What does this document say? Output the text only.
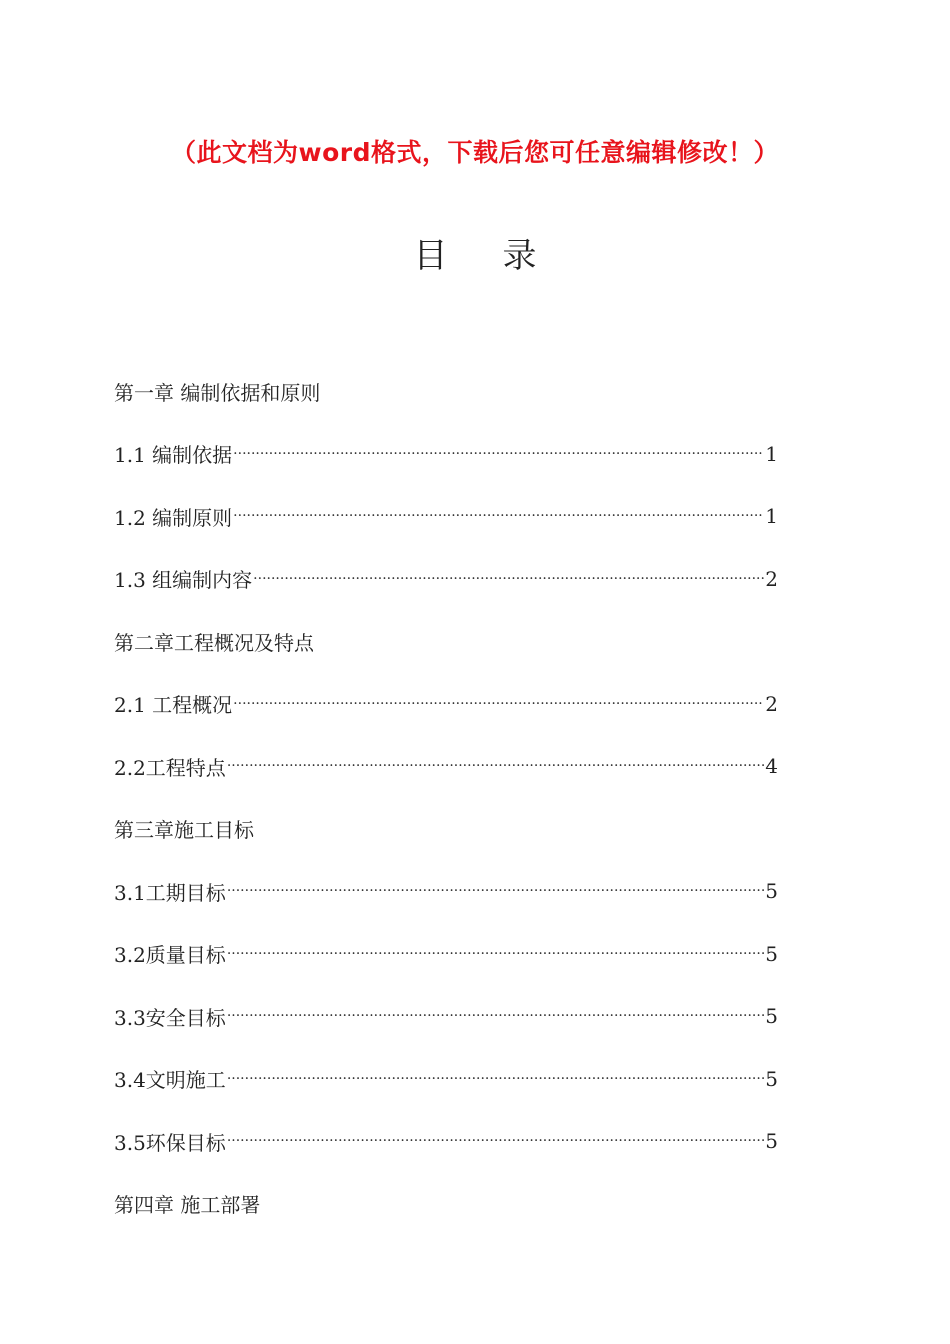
（此文档为word格式，下载后您可任意编辑修改！）
目录
第一章 编制依据和原则
1.1 编制依据 ·····	1
1.2 编制原则 ·····	1
1.3 组编制内容 ·····	2
第二章工程概况及特点
2.1 工程概况 ·····	2
2.2工程特点 ·····	4
第三章施工目标
3.1工期目标 ·····	5
3.2质量目标 ·····	5
3.3安全目标 ·····	5
3.4文明施工 ·····	5
3.5环保目标 ·····	5
第四章 施工部署
